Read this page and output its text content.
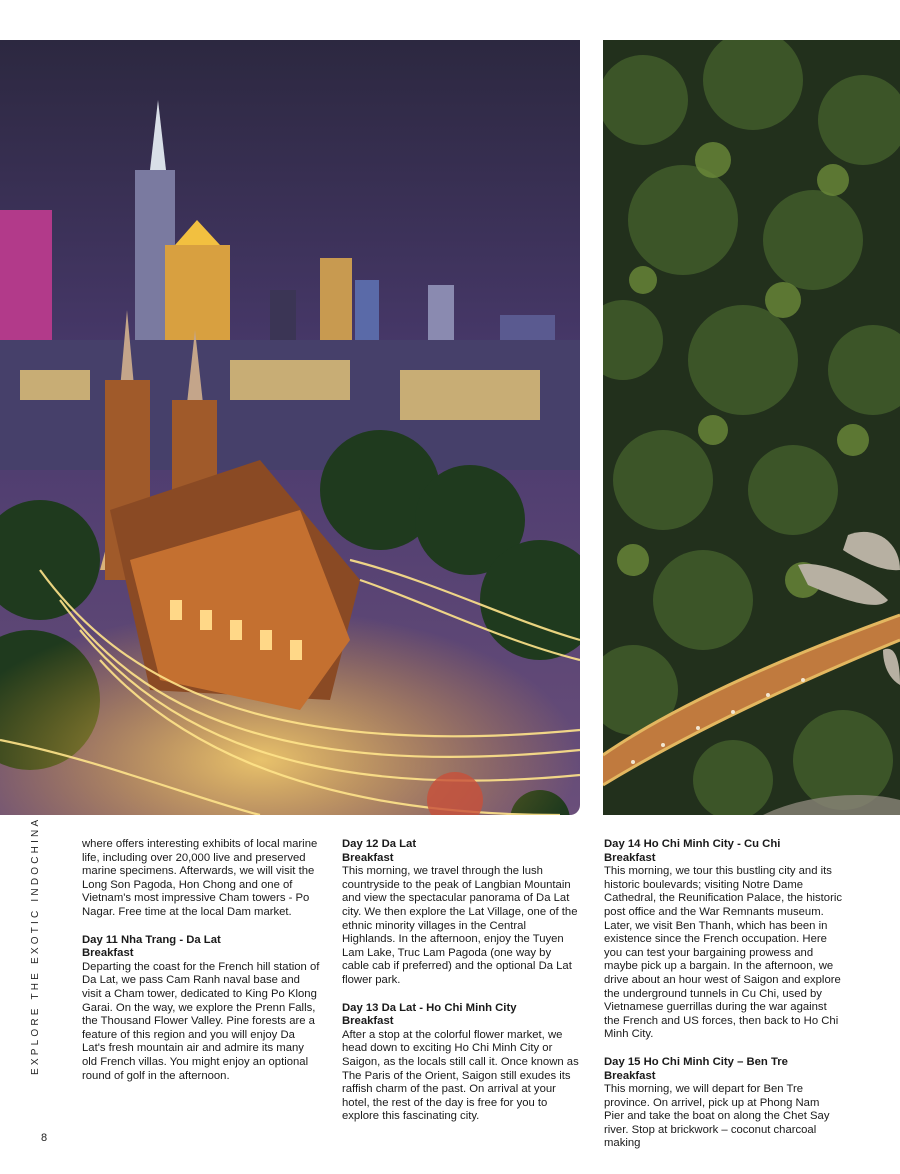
EXPLORE THE EXOTIC INDOCHINA
8

where offers interesting exhibits of local marine life, including over 20,000 live and preserved marine specimens. Afterwards, we will visit the Long Son Pagoda, Hon Chong and one of Vietnam's most impressive Cham towers - Po Nagar. Free time at the local Dam market.

Day 11 Nha Trang - Da Lat
Breakfast

Departing the coast for the French hill station of Da Lat, we pass Cam Ranh naval base and visit a Cham tower, dedicated to King Po Klong Garai. On the way, we explore the Prenn Falls, the Thousand Flower Valley. Pine forests are a feature of this region and you will enjoy Da Lat's fresh mountain air and admire its many old French villas. You might enjoy an optional round of golf in the afternoon.

Day 12 Da Lat
Breakfast

This morning, we travel through the lush countryside to the peak of Langbian Mountain and view the spectacular panorama of Da Lat city. We then explore the Lat Village, one of the ethnic minority villages in the Central Highlands. In the afternoon, enjoy the Tuyen Lam Lake, Truc Lam Pagoda (one way by cable cab if preferred) and the optional Da Lat flower park.

Day 13 Da Lat - Ho Chi Minh City
Breakfast

After a stop at the colorful flower market, we head down to exciting Ho Chi Minh City or Saigon, as the locals still call it. Once known as The Paris of the Orient, Saigon still exudes its raffish charm of the past. On arrival at your hotel, the rest of the day is free for you to explore this fascinating city.

Day 14 Ho Chi Minh City - Cu Chi
Breakfast

This morning, we tour this bustling city and its historic boulevards; visiting Notre Dame Cathedral, the Reunification Palace, the historic post office and the War Remnants museum. Later, we visit Ben Thanh, which has been in existence since the French occupation. Here you can test your bargaining prowess and maybe pick up a bargain. In the afternoon, we drive about an hour west of Saigon and explore the underground tunnels in Cu Chi, used by Vietnamese guerrillas during the war against the French and US forces, then back to Ho Chi Minh City.

Day 15 Ho Chi Minh City – Ben Tre
Breakfast

This morning, we will depart for Ben Tre province. On arrivel, pick up at Phong Nam Pier and take the boat on along the Chet Say river. Stop at brickwork – coconut charcoal making
